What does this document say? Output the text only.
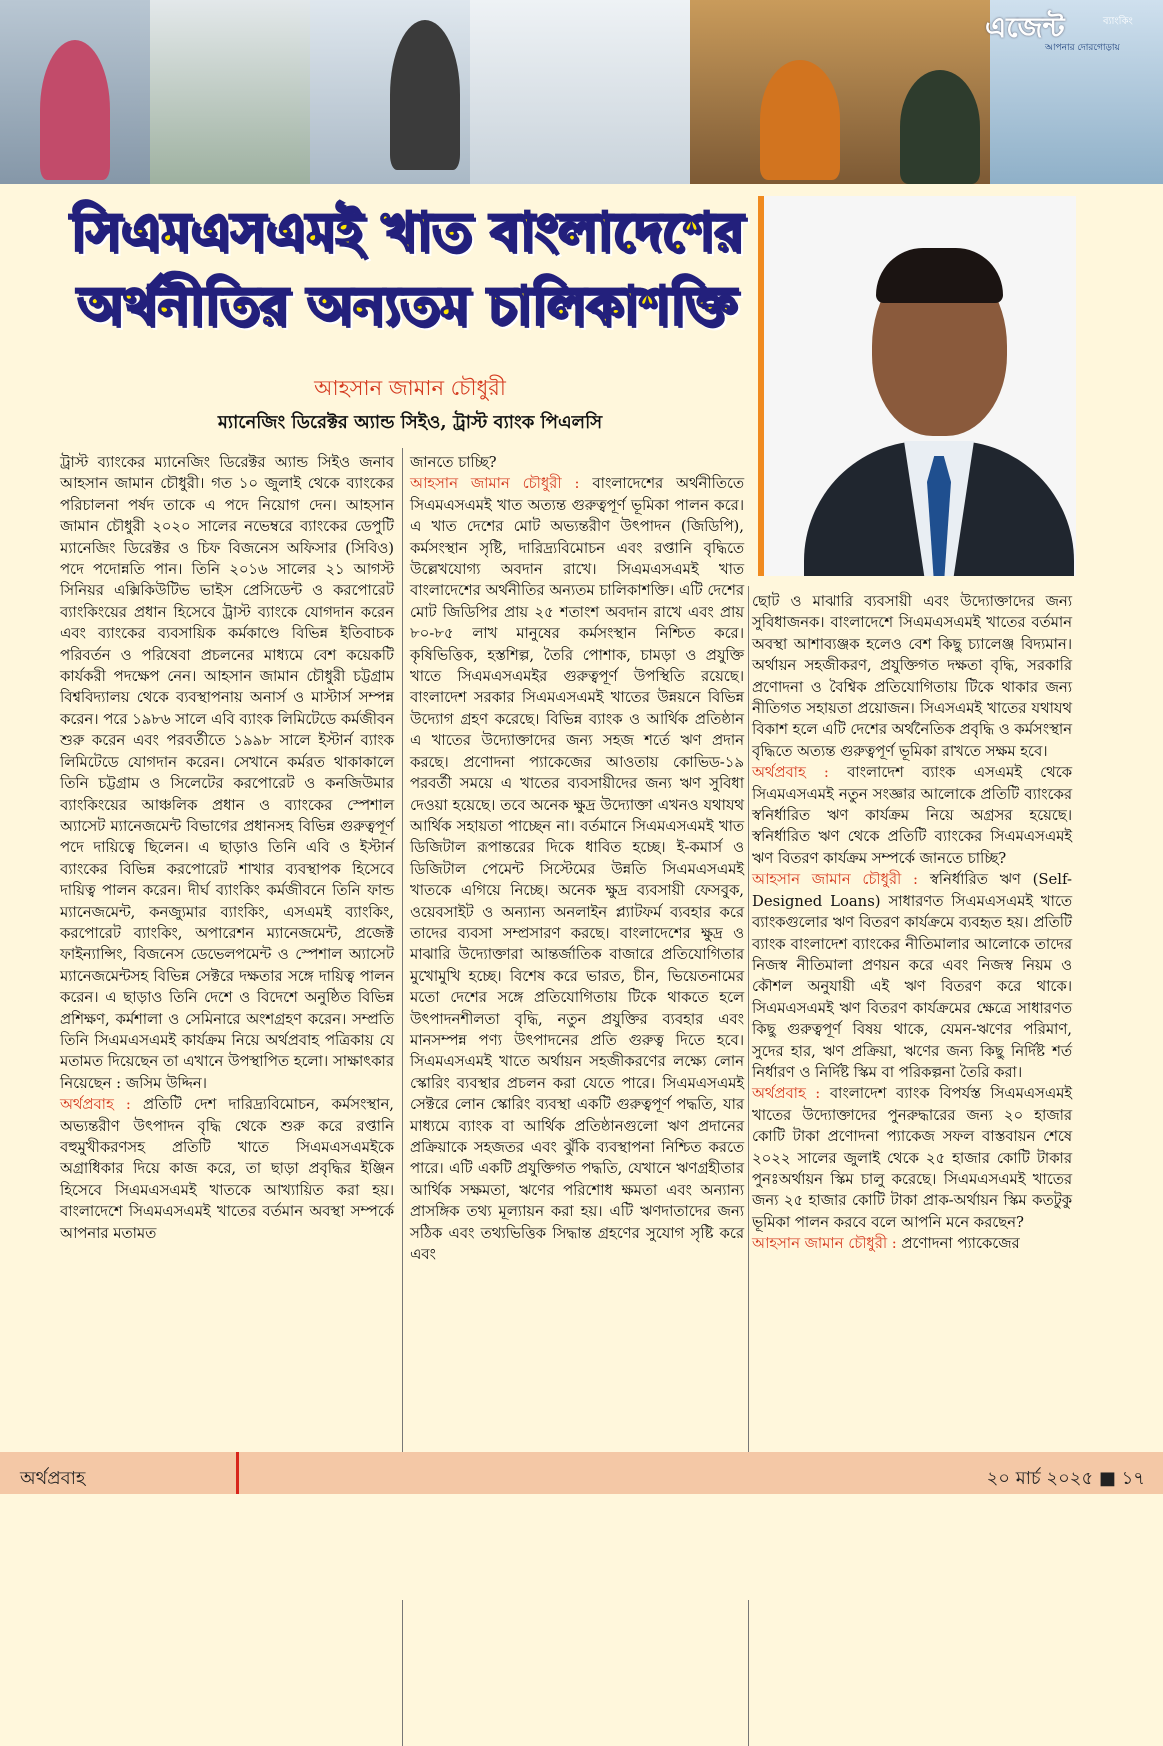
এজেন্ট	ব্যাংকিং
আপনার দোরগোড়ায়
সিএমএসএমই খাত বাংলাদেশের
অর্থনীতির অন্যতম চালিকাশক্তি
আহসান জামান চৌধুরী
ম্যানেজিং ডিরেক্টর অ্যান্ড সিইও, ট্রাস্ট ব্যাংক পিএলসি

ট্রাস্ট ব্যাংকের ম্যানেজিং ডিরেক্টর অ্যান্ড সিইও জনাব আহসান জামান চৌধুরী। গত ১০ জুলাই থেকে ব্যাংকের পরিচালনা পর্ষদ তাকে এ পদে নিয়োগ দেন। আহসান জামান চৌধুরী ২০২০ সালের নভেম্বরে ব্যাংকের ডেপুটি ম্যানেজিং ডিরেক্টর ও চিফ বিজনেস অফিসার (সিবিও) পদে পদোন্নতি পান। তিনি ২০১৬ সালের ২১ আগস্ট সিনিয়র এক্সিকিউটিভ ভাইস প্রেসিডেন্ট ও করপোরেট ব্যাংকিংয়ের প্রধান হিসেবে ট্রাস্ট ব্যাংকে যোগদান করেন এবং ব্যাংকের ব্যবসায়িক কর্মকাণ্ডে বিভিন্ন ইতিবাচক পরিবর্তন ও পরিষেবা প্রচলনের মাধ্যমে বেশ কয়েকটি কার্যকরী পদক্ষেপ নেন। আহসান জামান চৌধুরী চট্টগ্রাম বিশ্ববিদ্যালয় থেকে ব্যবস্থাপনায় অনার্স ও মাস্টার্স সম্পন্ন করেন। পরে ১৯৮৬ সালে এবি ব্যাংক লিমিটেডে কর্মজীবন শুরু করেন এবং পরবর্তীতে ১৯৯৮ সালে ইস্টার্ন ব্যাংক লিমিটেডে যোগদান করেন। সেখানে কর্মরত থাকাকালে তিনি চট্টগ্রাম ও সিলেটের করপোরেট ও কনজিউমার ব্যাংকিংয়ের আঞ্চলিক প্রধান ও ব্যাংকের স্পেশাল অ্যাসেট ম্যানেজমেন্ট বিভাগের প্রধানসহ বিভিন্ন গুরুত্বপূর্ণ পদে দায়িত্বে ছিলেন। এ ছাড়াও তিনি এবি ও ইস্টার্ন ব্যাংকের বিভিন্ন করপোরেট শাখার ব্যবস্থাপক হিসেবে দায়িত্ব পালন করেন। দীর্ঘ ব্যাংকিং কর্মজীবনে তিনি ফান্ড ম্যানেজমেন্ট, কনজ্যুমার ব্যাংকিং, এসএমই ব্যাংকিং, করপোরেট ব্যাংকিং, অপারেশন ম্যানেজমেন্ট, প্রজেক্ট ফাইন্যান্সিং, বিজনেস ডেভেলপমেন্ট ও স্পেশাল অ্যাসেট ম্যানেজমেন্টসহ বিভিন্ন সেক্টরে দক্ষতার সঙ্গে দায়িত্ব পালন করেন। এ ছাড়াও তিনি দেশে ও বিদেশে অনুষ্ঠিত বিভিন্ন প্রশিক্ষণ, কর্মশালা ও সেমিনারে অংশগ্রহণ করেন। সম্প্রতি তিনি সিএমএসএমই কার্যক্রম নিয়ে অর্থপ্রবাহ পত্রিকায় যে মতামত দিয়েছেন তা এখানে উপস্থাপিত হলো। সাক্ষাৎকার নিয়েছেন : জসিম উদ্দিন।

অর্থপ্রবাহ : প্রতিটি দেশ দারিদ্র্যবিমোচন, কর্মসংস্থান, অভ্যন্তরীণ উৎপাদন বৃদ্ধি থেকে শুরু করে রপ্তানি বহুমুখীকরণসহ প্রতিটি খাতে সিএমএসএমইকে অগ্রাধিকার দিয়ে কাজ করে, তা ছাড়া প্রবৃদ্ধির ইঞ্জিন হিসেবে সিএমএসএমই খাতকে আখ্যায়িত করা হয়। বাংলাদেশে সিএমএসএমই খাতের বর্তমান অবস্থা সম্পর্কে আপনার মতামত

জানতে চাচ্ছি?

আহসান জামান চৌধুরী : বাংলাদেশের অর্থনীতিতে সিএমএসএমই খাত অত্যন্ত গুরুত্বপূর্ণ ভূমিকা পালন করে। এ খাত দেশের মোট অভ্যন্তরীণ উৎপাদন (জিডিপি), কর্মসংস্থান সৃষ্টি, দারিদ্র্যবিমোচন এবং রপ্তানি বৃদ্ধিতে উল্লেখযোগ্য অবদান রাখে। সিএমএসএমই খাত বাংলাদেশের অর্থনীতির অন্যতম চালিকাশক্তি। এটি দেশের মোট জিডিপির প্রায় ২৫ শতাংশ অবদান রাখে এবং প্রায় ৮০-৮৫ লাখ মানুষের কর্মসংস্থান নিশ্চিত করে। কৃষিভিত্তিক, হস্তশিল্প, তৈরি পোশাক, চামড়া ও প্রযুক্তি খাতে সিএমএসএমইর গুরুত্বপূর্ণ উপস্থিতি রয়েছে। বাংলাদেশ সরকার সিএমএসএমই খাতের উন্নয়নে বিভিন্ন উদ্যোগ গ্রহণ করেছে। বিভিন্ন ব্যাংক ও আর্থিক প্রতিষ্ঠান এ খাতের উদ্যোক্তাদের জন্য সহজ শর্তে ঋণ প্রদান করছে। প্রণোদনা প্যাকেজের আওতায় কোভিড-১৯ পরবর্তী সময়ে এ খাতের ব্যবসায়ীদের জন্য ঋণ সুবিধা দেওয়া হয়েছে। তবে অনেক ক্ষুদ্র উদ্যোক্তা এখনও যথাযথ আর্থিক সহায়তা পাচ্ছেন না। বর্তমানে সিএমএসএমই খাত ডিজিটাল রূপান্তরের দিকে ধাবিত হচ্ছে। ই-কমার্স ও ডিজিটাল পেমেন্ট সিস্টেমের উন্নতি সিএমএসএমই খাতকে এগিয়ে নিচ্ছে। অনেক ক্ষুদ্র ব্যবসায়ী ফেসবুক, ওয়েবসাইট ও অন্যান্য অনলাইন প্ল্যাটফর্ম ব্যবহার করে তাদের ব্যবসা সম্প্রসারণ করছে। বাংলাদেশের ক্ষুদ্র ও মাঝারি উদ্যোক্তারা আন্তর্জাতিক বাজারে প্রতিযোগিতার মুখোমুখি হচ্ছে। বিশেষ করে ভারত, চীন, ভিয়েতনামের মতো দেশের সঙ্গে প্রতিযোগিতায় টিকে থাকতে হলে উৎপাদনশীলতা বৃদ্ধি, নতুন প্রযুক্তির ব্যবহার এবং মানসম্পন্ন পণ্য উৎপাদনের প্রতি গুরুত্ব দিতে হবে। সিএমএসএমই খাতে অর্থায়ন সহজীকরণের লক্ষ্যে লোন স্কোরিং ব্যবস্থার প্রচলন করা যেতে পারে। সিএমএসএমই সেক্টরে লোন স্কোরিং ব্যবস্থা একটি গুরুত্বপূর্ণ পদ্ধতি, যার মাধ্যমে ব্যাংক বা আর্থিক প্রতিষ্ঠানগুলো ঋণ প্রদানের প্রক্রিয়াকে সহজতর এবং ঝুঁকি ব্যবস্থাপনা নিশ্চিত করতে পারে। এটি একটি প্রযুক্তিগত পদ্ধতি, যেখানে ঋণগ্রহীতার আর্থিক সক্ষমতা, ঋণের পরিশোধ ক্ষমতা এবং অন্যান্য প্রাসঙ্গিক তথ্য মূল্যায়ন করা হয়। এটি ঋণদাতাদের জন্য সঠিক এবং তথ্যভিত্তিক সিদ্ধান্ত গ্রহণের সুযোগ সৃষ্টি করে এবং

ছোট ও মাঝারি ব্যবসায়ী এবং উদ্যোক্তাদের জন্য সুবিধাজনক। বাংলাদেশে সিএমএসএমই খাতের বর্তমান অবস্থা আশাব্যঞ্জক হলেও বেশ কিছু চ্যালেঞ্জ বিদ্যমান। অর্থায়ন সহজীকরণ, প্রযুক্তিগত দক্ষতা বৃদ্ধি, সরকারি প্রণোদনা ও বৈশ্বিক প্রতিযোগিতায় টিকে থাকার জন্য নীতিগত সহায়তা প্রয়োজন। সিএসএমই খাতের যথাযথ বিকাশ হলে এটি দেশের অর্থনৈতিক প্রবৃদ্ধি ও কর্মসংস্থান বৃদ্ধিতে অত্যন্ত গুরুত্বপূর্ণ ভূমিকা রাখতে সক্ষম হবে।

অর্থপ্রবাহ : বাংলাদেশ ব্যাংক এসএমই থেকে সিএমএসএমই নতুন সংজ্ঞার আলোকে প্রতিটি ব্যাংকের স্বনির্ধারিত ঋণ কার্যক্রম নিয়ে অগ্রসর হয়েছে। স্বনির্ধারিত ঋণ থেকে প্রতিটি ব্যাংকের সিএমএসএমই ঋণ বিতরণ কার্যক্রম সম্পর্কে জানতে চাচ্ছি?

আহসান জামান চৌধুরী : স্বনির্ধারিত ঋণ (Self-Designed Loans) সাধারণত সিএমএসএমই খাতে ব্যাংকগুলোর ঋণ বিতরণ কার্যক্রমে ব্যবহৃত হয়। প্রতিটি ব্যাংক বাংলাদেশ ব্যাংকের নীতিমালার আলোকে তাদের নিজস্ব নীতিমালা প্রণয়ন করে এবং নিজস্ব নিয়ম ও কৌশল অনুযায়ী এই ঋণ বিতরণ করে থাকে। সিএমএসএমই ঋণ বিতরণ কার্যক্রমের ক্ষেত্রে সাধারণত কিছু গুরুত্বপূর্ণ বিষয় থাকে, যেমন-ঋণের পরিমাণ, সুদের হার, ঋণ প্রক্রিয়া, ঋণের জন্য কিছু নির্দিষ্ট শর্ত নির্ধারণ ও নির্দিষ্ট স্কিম বা পরিকল্পনা তৈরি করা।

অর্থপ্রবাহ : বাংলাদেশ ব্যাংক বিপর্যস্ত সিএমএসএমই খাতের উদ্যোক্তাদের পুনরুদ্ধারের জন্য ২০ হাজার কোটি টাকা প্রণোদনা প্যাকেজ সফল বাস্তবায়ন শেষে ২০২২ সালের জুলাই থেকে ২৫ হাজার কোটি টাকার পুনঃঅর্থায়ন স্কিম চালু করেছে। সিএমএসএমই খাতের জন্য ২৫ হাজার কোটি টাকা প্রাক-অর্থায়ন স্কিম কতটুকু ভূমিকা পালন করবে বলে আপনি মনে করছেন?

আহসান জামান চৌধুরী : প্রণোদনা প্যাকেজের

অর্থপ্রবাহ	২০ মার্চ ২০২৫ ■ ১৭
